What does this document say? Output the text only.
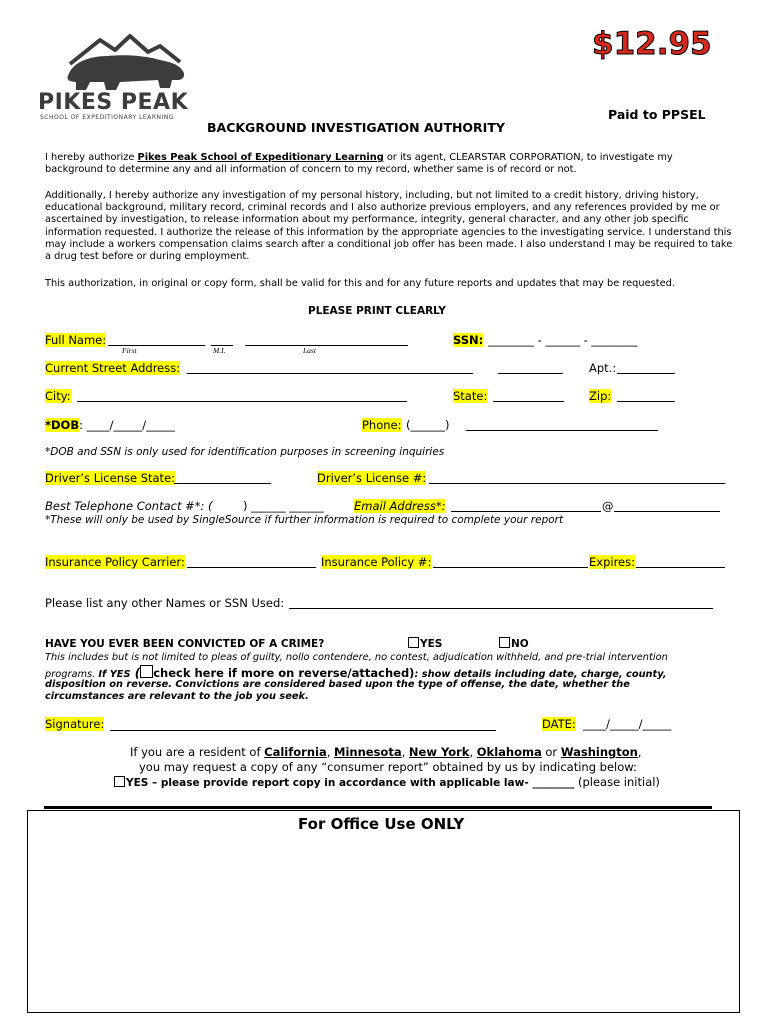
PIKES PEAK
SCHOOL OF EXPEDITIONARY LEARNING
$12.95
Paid to PPSEL
BACKGROUND INVESTIGATION AUTHORITY
I hereby authorize Pikes Peak School of Expeditionary Learning or its agent, CLEARSTAR CORPORATION, to investigate my background to determine any and all information of concern to my record, whether same is of record or not.
Additionally, I hereby authorize any investigation of my personal history, including, but not limited to a credit history, driving history, educational background, military record, criminal records and I also authorize previous employers, and any references provided by me or ascertained by investigation, to release information about my performance, integrity, general character, and any other job specific information requested. I authorize the release of this information by the appropriate agencies to the investigating service. I understand this may include a workers compensation claims search after a conditional job offer has been made. I also understand I may be required to take a drug test before or during employment.
This authorization, in original or copy form, shall be valid for this and for any future reports and updates that may be requested.
PLEASE PRINT CLEARLY
Full Name:
First	M.I.	Last
SSN: ________ - ______ - ________
Current Street Address:	Apt.:
City:	State:	Zip:
*DOB: ____/_____/_____	Phone: (______)
*DOB and SSN is only used for identification purposes in screening inquiries
Driver’s License State:	Driver’s License #:
Best Telephone Contact #*: (	) ______ ______	Email Address*:	@
*These will only be used by SingleSource if further information is required to complete your report
Insurance Policy Carrier:	Insurance Policy #:	Expires:
Please list any other Names or SSN Used:
HAVE YOU EVER BEEN CONVICTED OF A CRIME?	YES	NO
This includes but is not limited to pleas of guilty, nollo contendere, no contest, adjudication withheld, and pre-trial intervention
programs. If YES ( check here if more on reverse/attached): show details including date, charge, county,
disposition on reverse. Convictions are considered based upon the type of offense, the date, whether the
circumstances are relevant to the job you seek.
Signature:	DATE: ____/_____/_____
If you are a resident of California, Minnesota, New York, Oklahoma or Washington,
you may request a copy of any “consumer report” obtained by us by indicating below:
YES – please provide report copy in accordance with applicable law- ________ (please initial)
For Office Use ONLY
